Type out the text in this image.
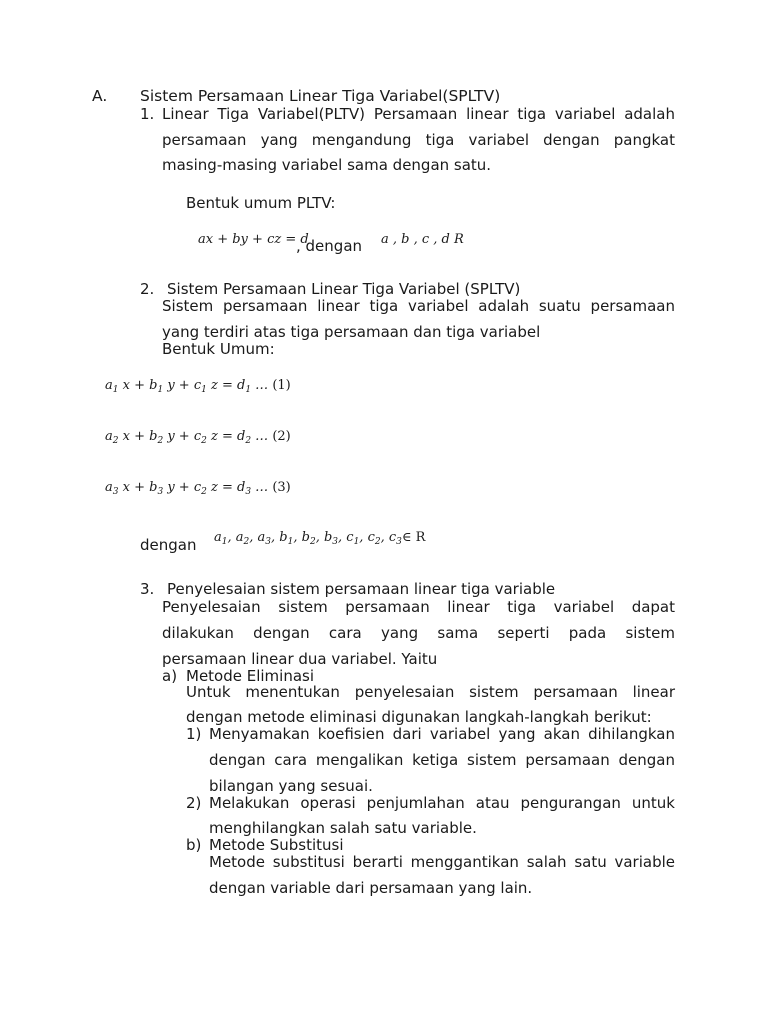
A. Sistem Persamaan Linear Tiga Variabel(SPLTV)
1. Linear Tiga Variabel(PLTV) Persamaan linear tiga variabel adalah
persamaan yang mengandung tiga variabel dengan pangkat
masing-masing variabel sama dengan satu.
Bentuk umum PLTV:
ax + by + cz = d
, dengan a , b , c , d R
2. Sistem Persamaan Linear Tiga Variabel (SPLTV)
Sistem persamaan linear tiga variabel adalah suatu persamaan
yang terdiri atas tiga persamaan dan tiga variabel
Bentuk Umum:
$a_1$ $x + b_1$ $y + c_1$ $z = d_1$ … (1)
$a_2$ $x + b_2$ $y + c_2$ $z = d_2$ … (2)
$a_3$ $x + b_3$ $y + c_2$ $z = d_3$ … (3)
dengan $a_1$, $a_2$, $a_3$, $b_1$, $b_2$, $b_3$, $c_1$, $c_2$, $c_3\in$ R
3. Penyelesaian sistem persamaan linear tiga variable
Penyelesaian sistem persamaan linear tiga variabel dapat
dilakukan dengan cara yang sama seperti pada sistem
persamaan linear dua variabel. Yaitu
a) Metode Eliminasi
Untuk menentukan penyelesaian sistem persamaan linear
dengan metode eliminasi digunakan langkah-langkah berikut:
1) Menyamakan koefisien dari variabel yang akan dihilangkan
dengan cara mengalikan ketiga sistem persamaan dengan
bilangan yang sesuai.
2) Melakukan operasi penjumlahan atau pengurangan untuk
menghilangkan salah satu variable.
b) Metode Substitusi
Metode substitusi berarti menggantikan salah satu variable
dengan variable dari persamaan yang lain.
